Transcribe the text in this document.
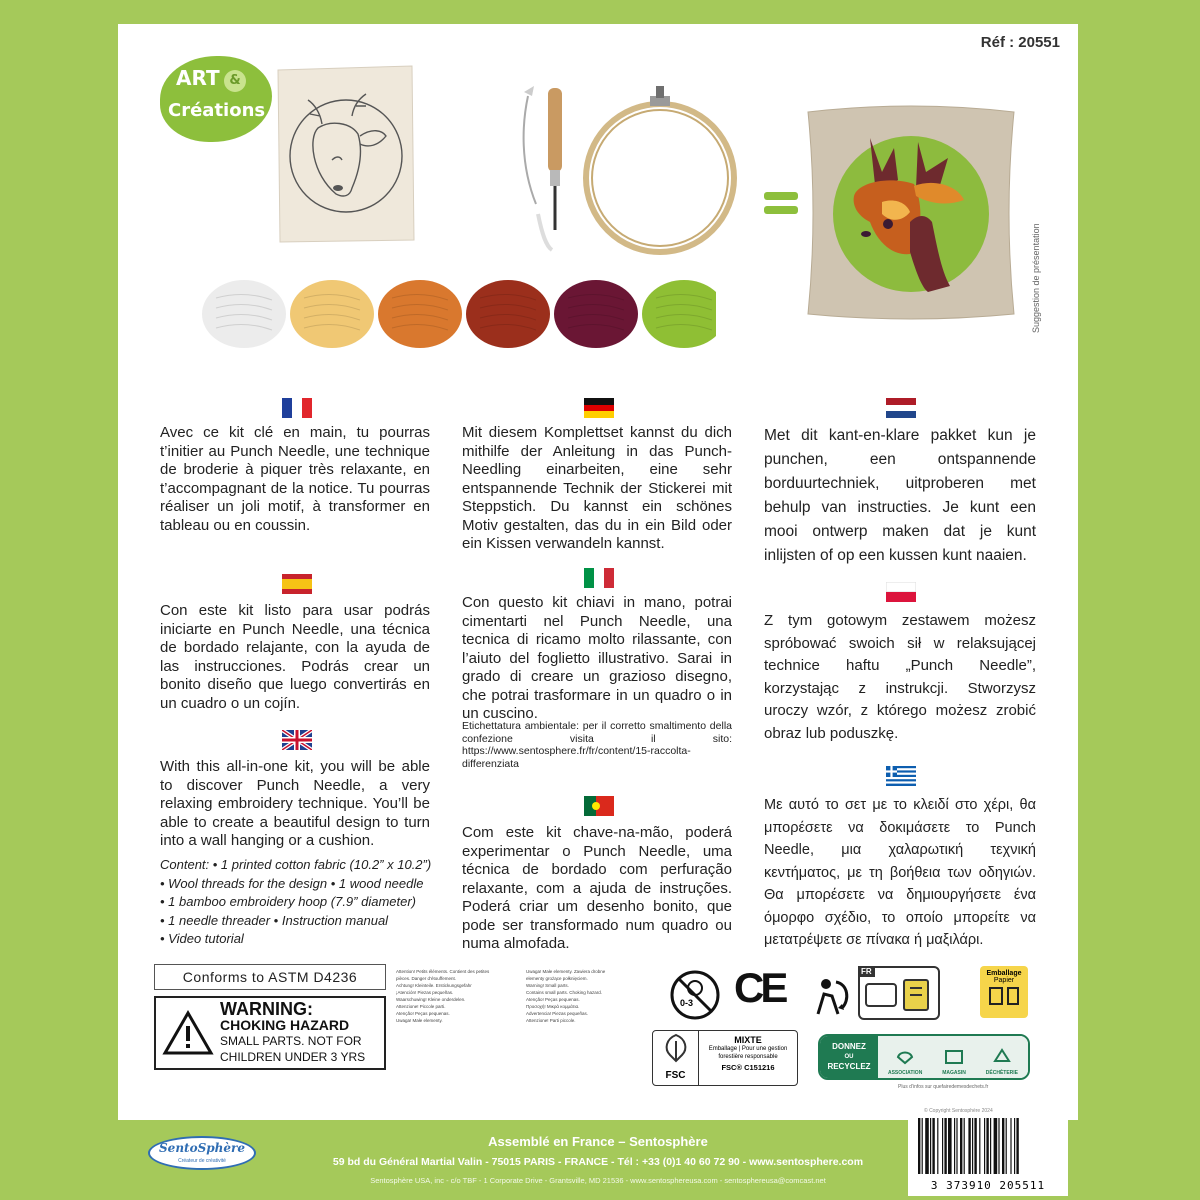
Réf : 20551
ART &
Créations
Suggestion de présentation
Avec ce kit clé en main, tu pourras t’initier au Punch Needle, une technique de broderie à piquer très relaxante, en t’accompagnant de la notice. Tu pourras réaliser un joli motif, à transformer en tableau ou en coussin.
Con este kit listo para usar podrás iniciarte en Punch Needle, una técnica de bordado relajante, con la ayuda de las instrucciones. Podrás crear un bonito diseño que luego convertirás en un cuadro o un cojín.
With this all-in-one kit, you will be able to discover Punch Needle, a very relaxing embroidery technique. You’ll be able to create a beautiful design to turn into a wall hanging or a cushion.
Content: • 1 printed cotton fabric (10.2” x 10.2”)
• Wool threads for the design • 1 wood needle
• 1 bamboo embroidery hoop (7.9” diameter)
• 1 needle threader • Instruction manual
• Video tutorial
Mit diesem Komplettset kannst du dich mithilfe der Anleitung in das Punch-Needling einarbeiten, eine sehr entspannende Technik der Stickerei mit Steppstich. Du kannst ein schönes Motiv gestalten, das du in ein Bild oder ein Kissen verwandeln kannst.
Con questo kit chiavi in mano, potrai cimentarti nel Punch Needle, una tecnica di ricamo molto rilassante, con l’aiuto del foglietto illustrativo. Sarai in grado di creare un grazioso disegno, che potrai trasformare in un quadro o in un cuscino.
Etichettatura ambientale: per il corretto smaltimento della confezione visita il sito: https://www.sentosphere.fr/fr/content/15-raccolta-differenziata
Com este kit chave-na-mão, poderá experimentar o Punch Needle, uma técnica de bordado com perfuração relaxante, com a ajuda de instruções. Poderá criar um desenho bonito, que pode ser transformado num quadro ou numa almofada.
Met dit kant-en-klare pakket kun je punchen, een ontspannende borduurtechniek, uitproberen met behulp van instructies. Je kunt een mooi ontwerp maken dat je kunt inlijsten of op een kussen kunt naaien.
Z tym gotowym zestawem możesz spróbować swoich sił w relaksującej technice haftu „Punch Needle”, korzystając z instrukcji. Stworzysz uroczy wzór, z którego możesz zrobić obraz lub poduszkę.
Με αυτό το σετ με το κλειδί στο χέρι, θα μπορέσετε να δοκιμάσετε το Punch Needle, μια χαλαρωτική τεχνική κεντήματος, με τη βοήθεια των οδηγιών. Θα μπορέσετε να δημιουργήσετε ένα όμορφο σχέδιο, το οποίο μπορείτε να μετατρέψετε σε πίνακα ή μαξιλάρι.
Conforms to ASTM D4236
WARNING:
CHOKING HAZARD
SMALL PARTS. NOT FOR
CHILDREN UNDER 3 YRS
Attention! Petits éléments. Contient des petites
pièces. Danger d’étouffement.
Achtung! Kleinteile. Erstickungsgefahr
¡Atención! Piezas pequeñas.
Waarschuwing! Kleine onderdelen.
Attenzione! Piccole parti.
Atenção! Peças pequenas.
Uwaga! Małe elementy.
Uwaga! Małe elementy. Zawiera drobne
elementy grożące połknięciem.
Warning! Small parts.
Contains small parts. Choking hazard.
Atenção! Peças pequenas.
Προσοχή! Μικρά κομμάτια.
Advertencia! Piezas pequeñas.
Attenzione! Parti piccole.
0-3 CE	FR	Emballage
Papier
FSC
MIXTE
Emballage | Pour une gestion
forestière responsable
FSC® C151216
DONNEZ
OU
RECYCLEZ
ASSOCIATION	MAGASIN	DÉCHÈTERIE
Plus d’infos sur quefairedemesdechets.fr
© Copyright Sentosphère 2024
SentoSphère
Créateur de créativité
Assemblé en France – Sentosphère
59 bd du Général Martial Valin - 75015 PARIS - FRANCE - Tél : +33 (0)1 40 60 72 90 - www.sentosphere.com
Sentosphère USA, inc - c/o TBF - 1 Corporate Drive - Grantsville, MD 21536 - www.sentosphereusa.com - sentosphereusa@comcast.net	3 373910 205511
